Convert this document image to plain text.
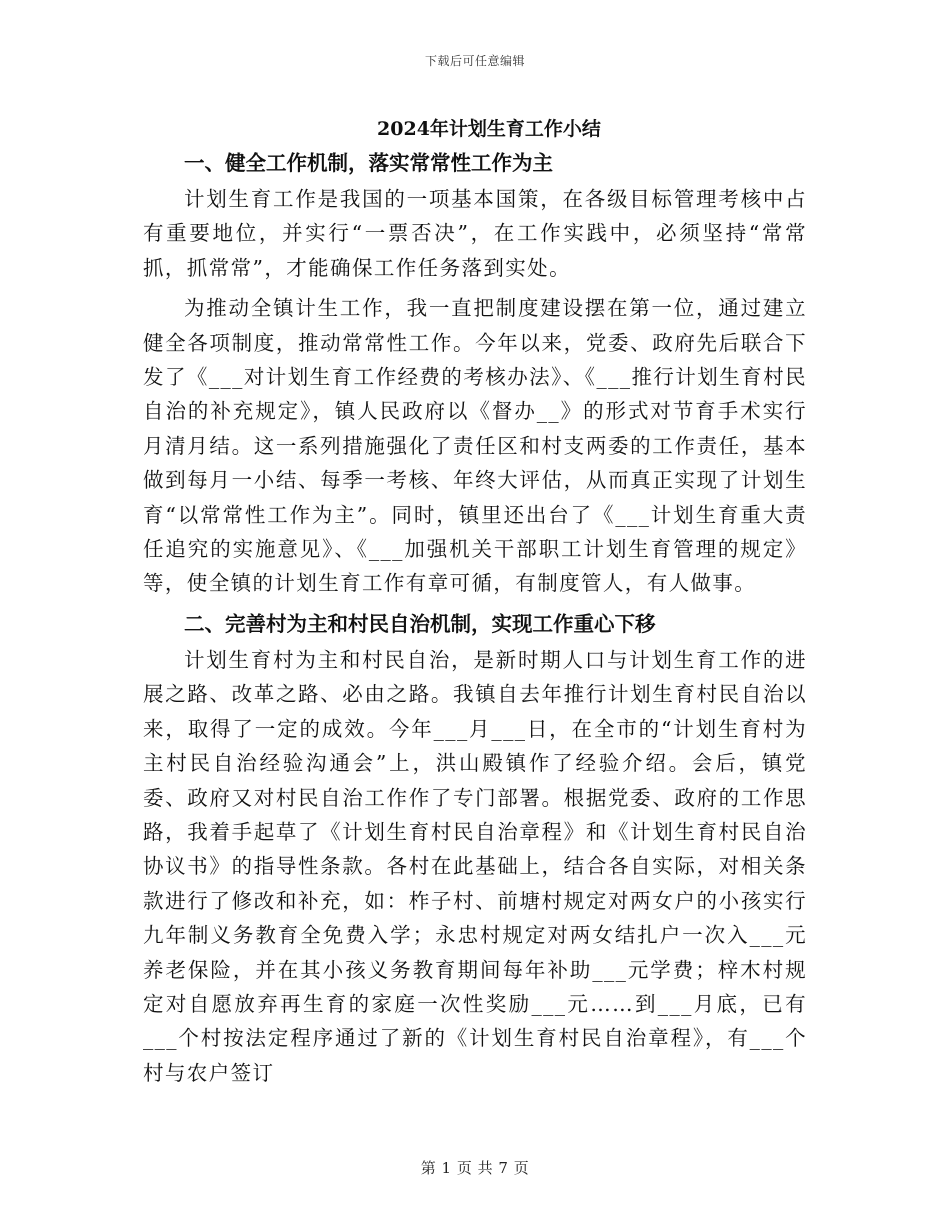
下载后可任意编辑
2024年计划生育工作小结
一、健全工作机制，落实常常性工作为主

计划生育工作是我国的一项基本国策，在各级目标管理考核中占有重要地位，并实行“一票否决”，在工作实践中，必须坚持“常常抓，抓常常”，才能确保工作任务落到实处。

为推动全镇计生工作，我一直把制度建设摆在第一位，通过建立健全各项制度，推动常常性工作。今年以来，党委、政府先后联合下发了《___对计划生育工作经费的考核办法》、《___推行计划生育村民自治的补充规定》，镇人民政府以《督办__》的形式对节育手术实行月清月结。这一系列措施强化了责任区和村支两委的工作责任，基本做到每月一小结、每季一考核、年终大评估，从而真正实现了计划生育“以常常性工作为主”。同时，镇里还出台了《___计划生育重大责任追究的实施意见》、《___加强机关干部职工计划生育管理的规定》等，使全镇的计划生育工作有章可循，有制度管人，有人做事。

二、完善村为主和村民自治机制，实现工作重心下移

计划生育村为主和村民自治，是新时期人口与计划生育工作的进展之路、改革之路、必由之路。我镇自去年推行计划生育村民自治以来，取得了一定的成效。今年___月___日，在全市的“计划生育村为主村民自治经验沟通会”上，洪山殿镇作了经验介绍。会后，镇党委、政府又对村民自治工作作了专门部署。根据党委、政府的工作思路，我着手起草了《计划生育村民自治章程》和《计划生育村民自治协议书》的指导性条款。各村在此基础上，结合各自实际，对相关条款进行了修改和补充，如：柞子村、前塘村规定对两女户的小孩实行九年制义务教育全免费入学；永忠村规定对两女结扎户一次入___元养老保险，并在其小孩义务教育期间每年补助___元学费；梓木村规定对自愿放弃再生育的家庭一次性奖励___元……到___月底，已有___个村按法定程序通过了新的《计划生育村民自治章程》，有___个村与农户签订

第 1 页 共 7 页
